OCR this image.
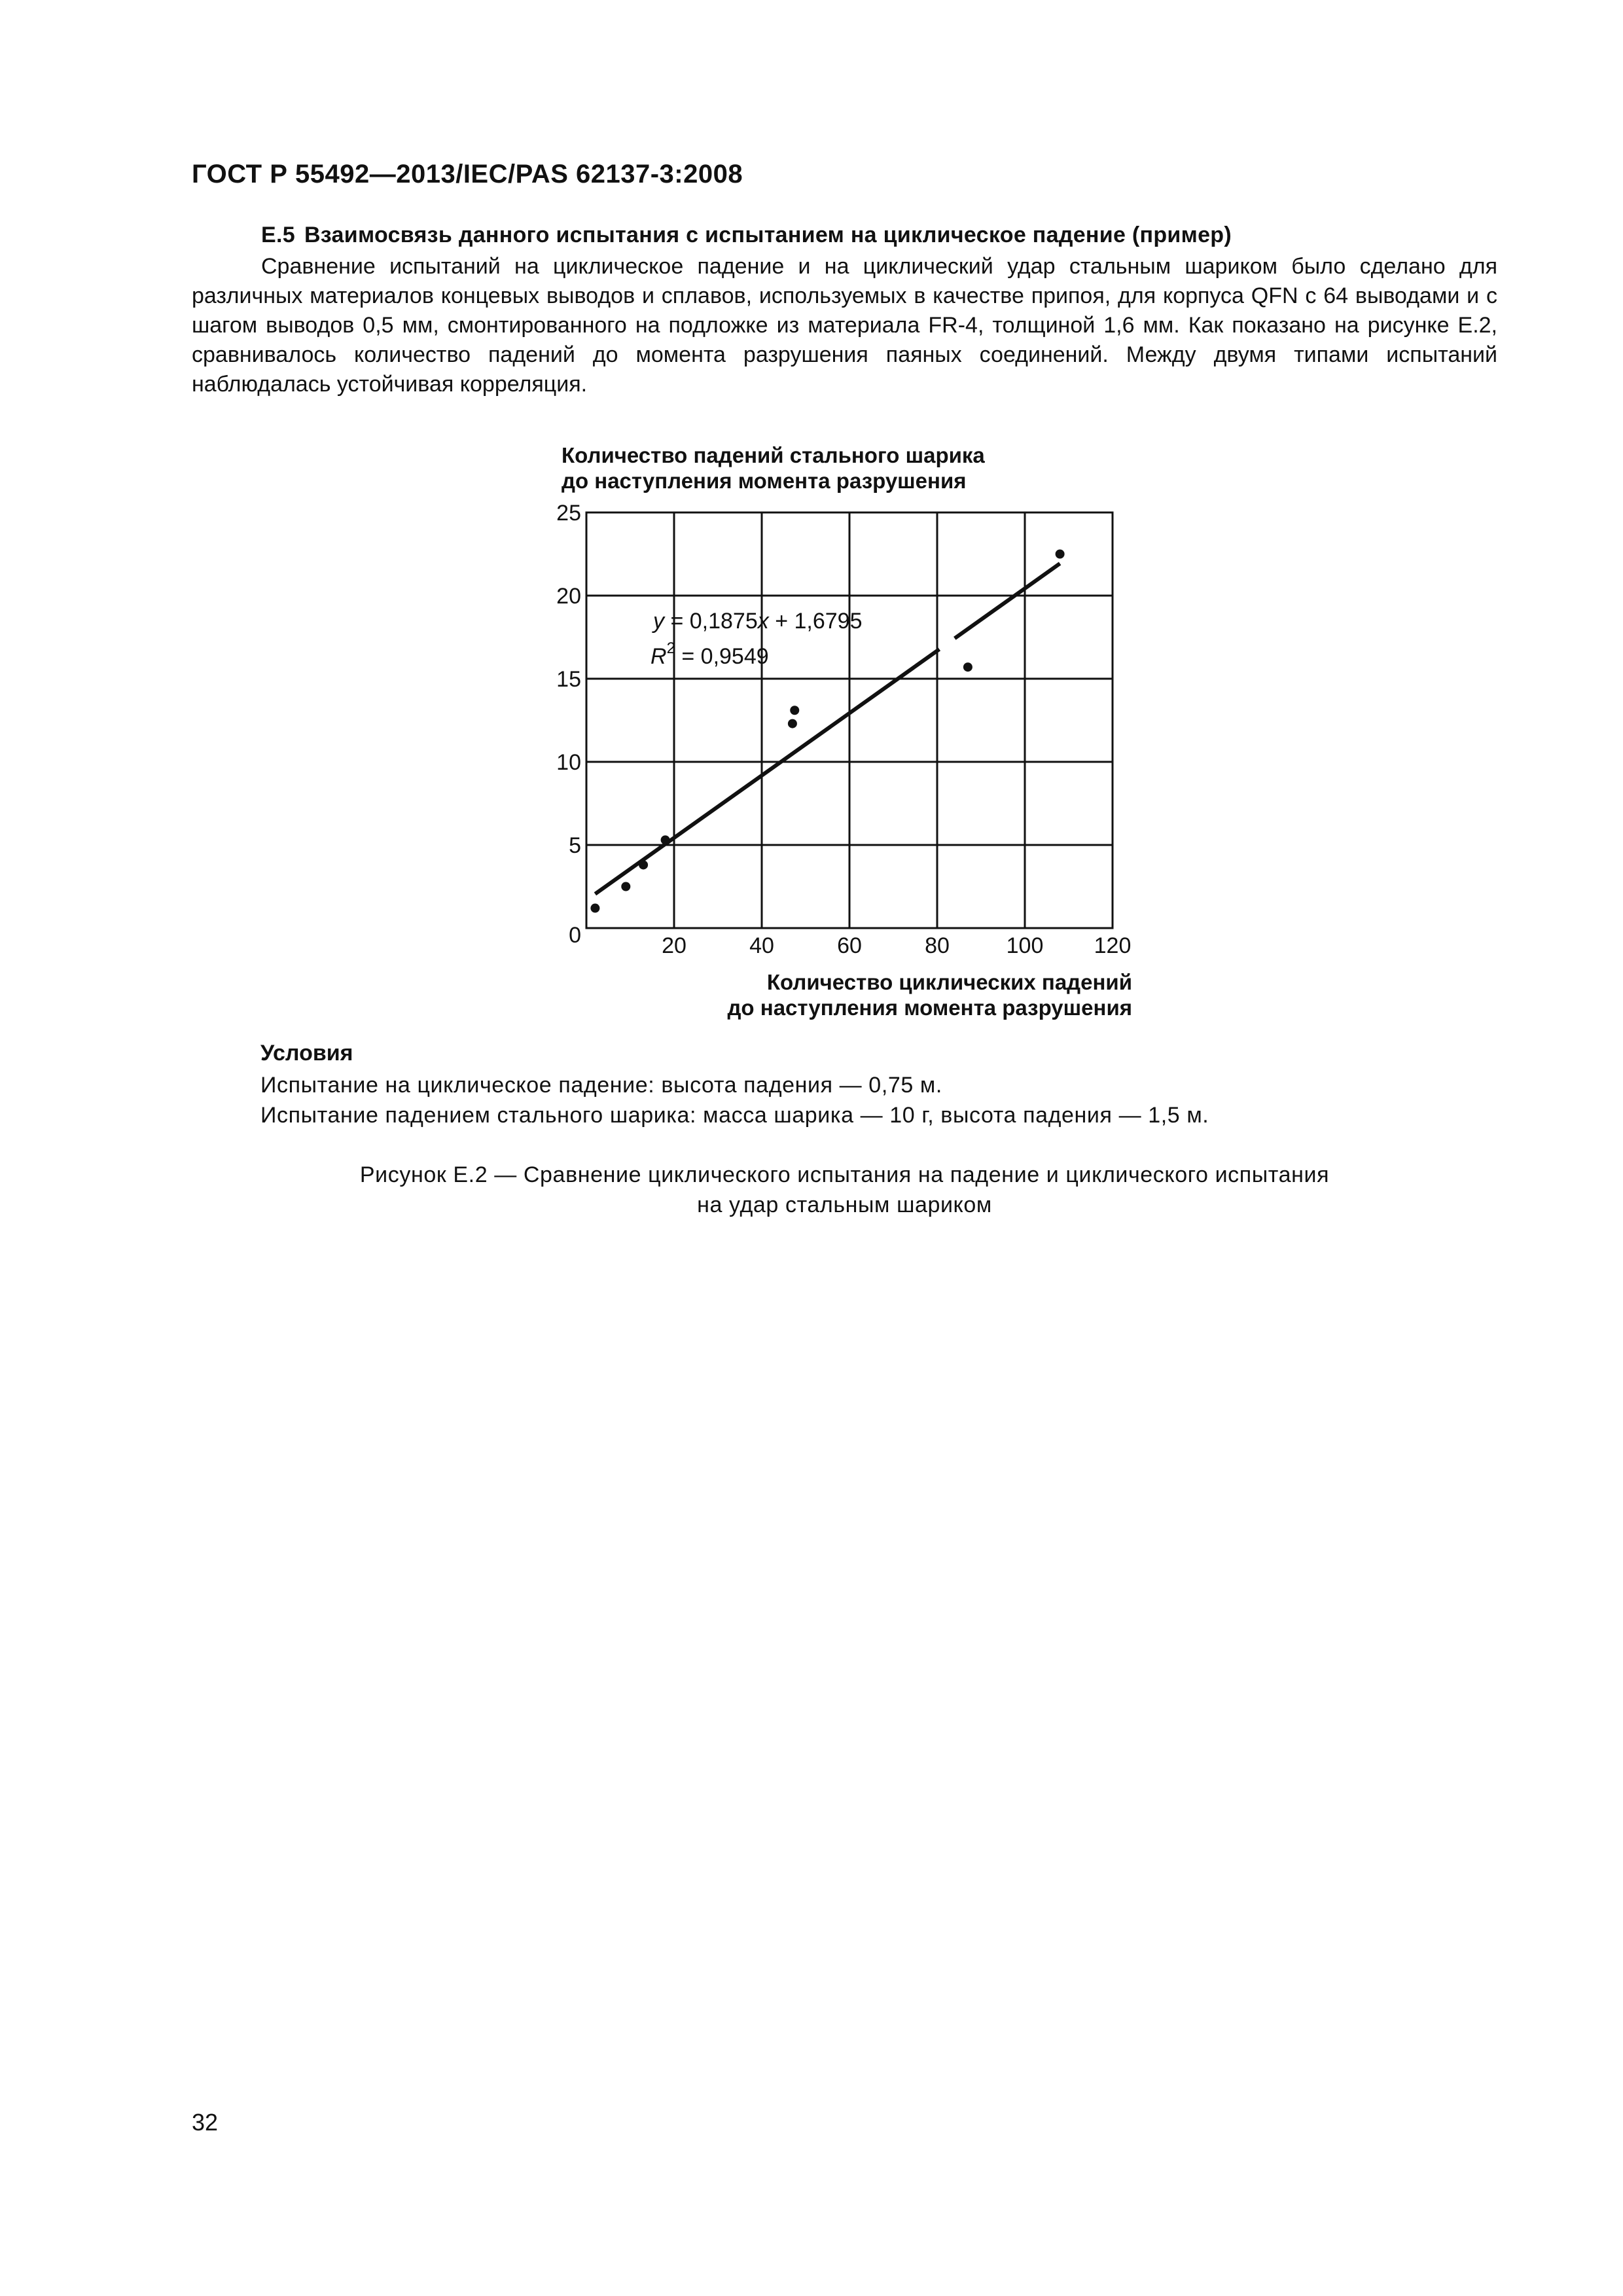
ГОСТ Р 55492—2013/IEC/PAS 62137-3:2008
Е.5 Взаимосвязь данного испытания с испытанием на циклическое падение (пример)

Сравнение испытаний на циклическое падение и на циклический удар стальным шариком было сделано для различных материалов концевых выводов и сплавов, используемых в качестве припоя, для корпуса QFN с 64 выводами и с шагом выводов 0,5 мм, смонтированного на подложке из материала FR-4, толщиной 1,6 мм. Как показано на рисунке Е.2, сравнивалось количество падений до момента разрушения паяных соединений. Между двумя типами испытаний наблюдалась устойчивая корреляция.

Количество падений стального шарика
до наступления момента разрушения
0
5
10
15
20
25
20	40	60	80	100 120
y = 0,1875x + 1,6795
$R^2 = 0,9549$
Количество циклических падений
до наступления момента разрушения

Условия

Испытание на циклическое падение: высота падения — 0,75 м.

Испытание падением стального шарика: масса шарика — 10 г, высота падения — 1,5 м.

Рисунок Е.2 — Сравнение циклического испытания на падение и циклического испытания
на удар стальным шариком
32
